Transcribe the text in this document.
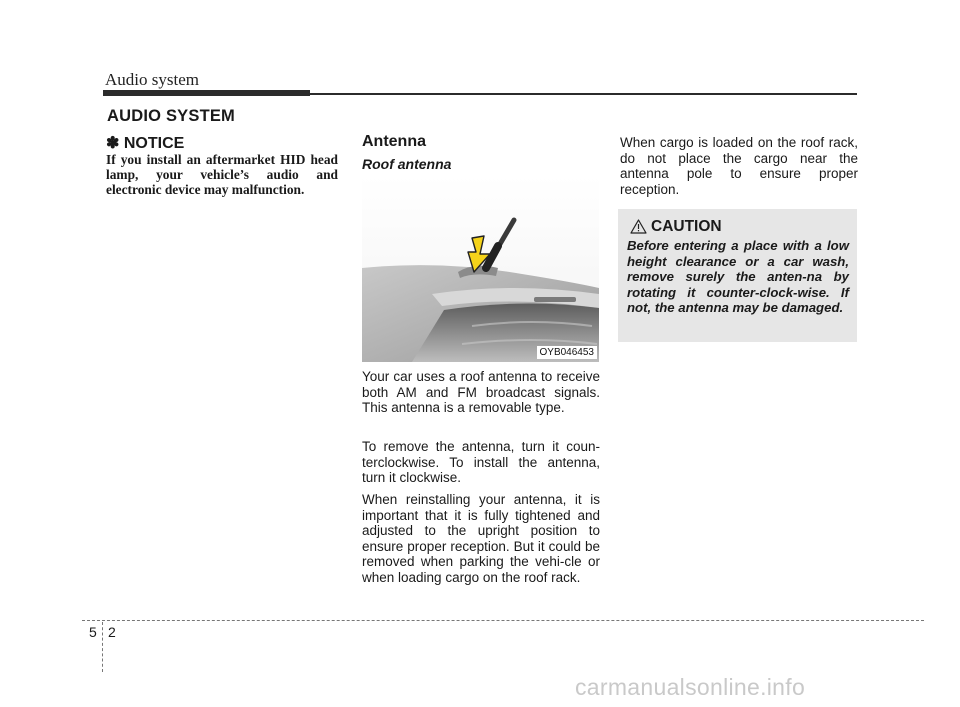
Audio system
AUDIO SYSTEM
✽ NOTICE
If you install an aftermarket HID head lamp, your vehicle’s audio and electronic device may malfunction.
Antenna
Roof antenna
OYB046453
Your car uses a roof antenna to receive both AM and FM broadcast signals. This antenna is a removable type.
To remove the antenna, turn it coun-terclockwise. To install the antenna, turn it clockwise.
When reinstalling your antenna, it is important that it is fully tightened and adjusted to the upright position to ensure proper reception. But it could be removed when parking the vehi-cle or when loading cargo on the roof rack.
When cargo is loaded on the roof rack, do not place the cargo near the antenna pole to ensure proper reception.
CAUTION
Before entering a place with a low height clearance or a car wash, remove surely the anten-na by rotating it counter-clock-wise. If not, the antenna may be damaged.
5 2
carmanualsonline.info
